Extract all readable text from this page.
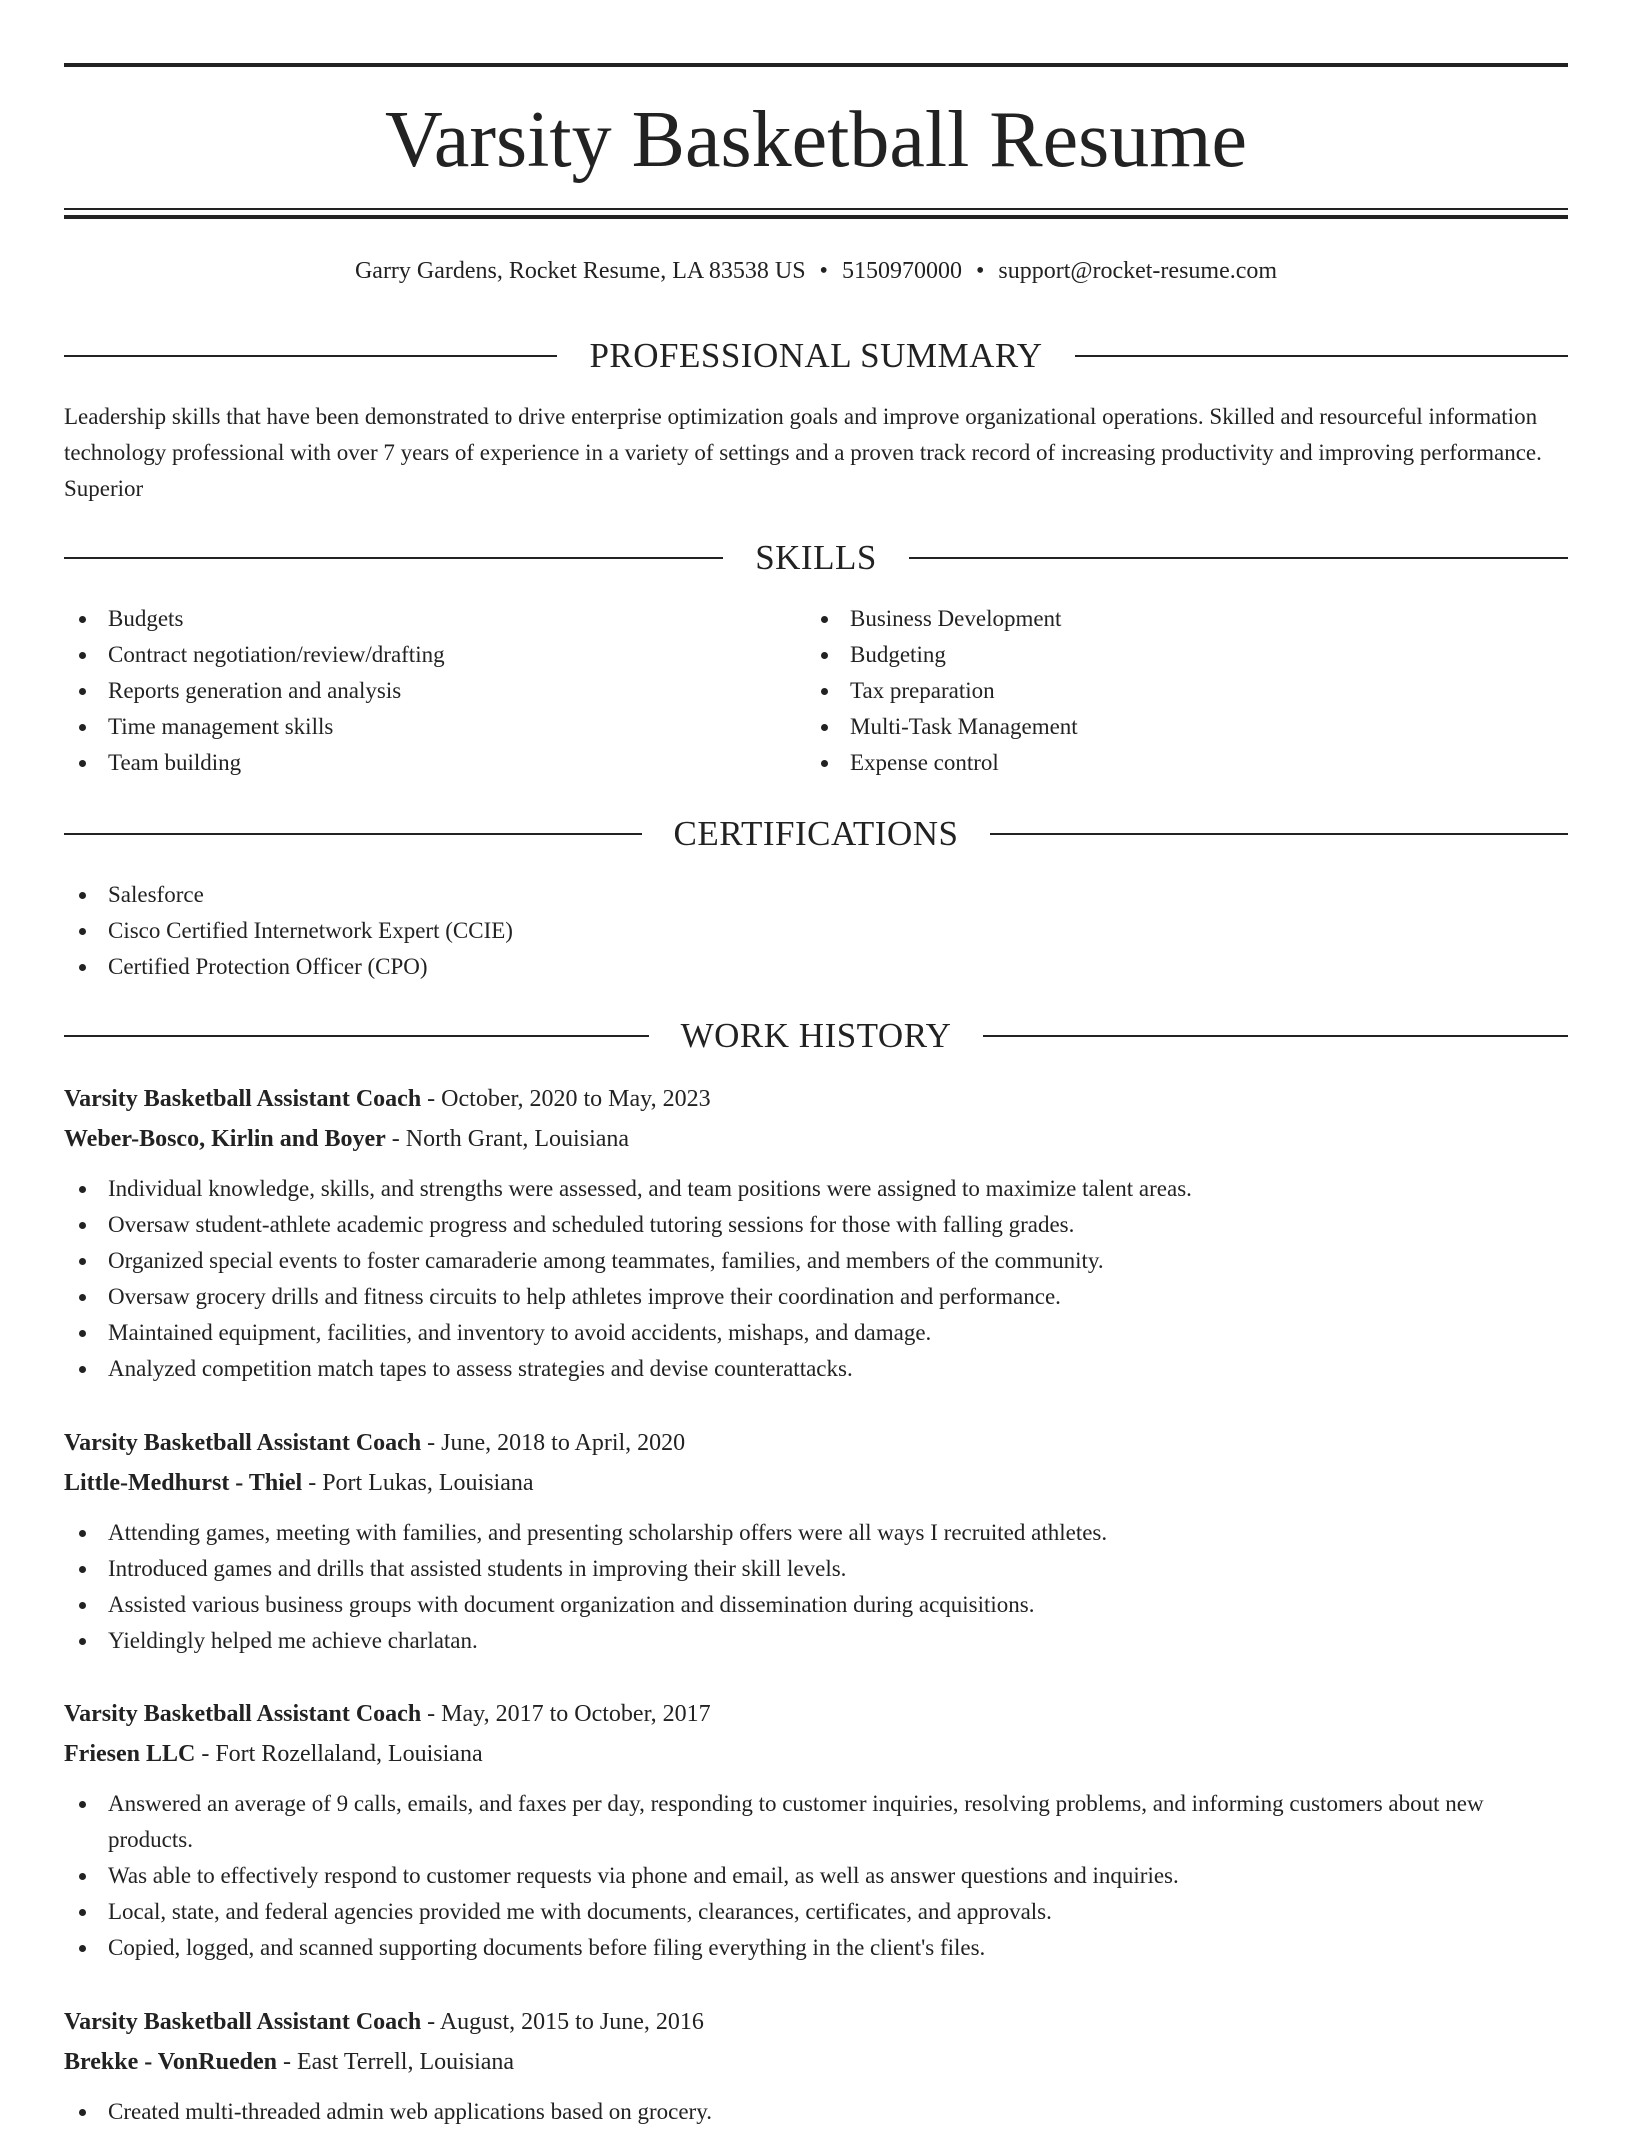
Varsity Basketball Resume
Garry Gardens, Rocket Resume, LA 83538 US • 5150970000 • support@rocket-resume.com
PROFESSIONAL SUMMARY

Leadership skills that have been demonstrated to drive enterprise optimization goals and improve organizational operations. Skilled and resourceful information technology professional with over 7 years of experience in a variety of settings and a proven track record of increasing productivity and improving performance. Superior

SKILLS
Budgets
Contract negotiation/review/drafting
Reports generation and analysis
Time management skills
Team building
Business Development
Budgeting
Tax preparation
Multi-Task Management
Expense control
CERTIFICATIONS
Salesforce
Cisco Certified Internetwork Expert (CCIE)
Certified Protection Officer (CPO)
WORK HISTORY
Varsity Basketball Assistant Coach - October, 2020 to May, 2023
Weber-Bosco, Kirlin and Boyer - North Grant, Louisiana
Individual knowledge, skills, and strengths were assessed, and team positions were assigned to maximize talent areas.
Oversaw student-athlete academic progress and scheduled tutoring sessions for those with falling grades.
Organized special events to foster camaraderie among teammates, families, and members of the community.
Oversaw grocery drills and fitness circuits to help athletes improve their coordination and performance.
Maintained equipment, facilities, and inventory to avoid accidents, mishaps, and damage.
Analyzed competition match tapes to assess strategies and devise counterattacks.
Varsity Basketball Assistant Coach - June, 2018 to April, 2020
Little-Medhurst - Thiel - Port Lukas, Louisiana
Attending games, meeting with families, and presenting scholarship offers were all ways I recruited athletes.
Introduced games and drills that assisted students in improving their skill levels.
Assisted various business groups with document organization and dissemination during acquisitions.
Yieldingly helped me achieve charlatan.
Varsity Basketball Assistant Coach - May, 2017 to October, 2017
Friesen LLC - Fort Rozellaland, Louisiana
Answered an average of 9 calls, emails, and faxes per day, responding to customer inquiries, resolving problems, and informing customers about new products.
Was able to effectively respond to customer requests via phone and email, as well as answer questions and inquiries.
Local, state, and federal agencies provided me with documents, clearances, certificates, and approvals.
Copied, logged, and scanned supporting documents before filing everything in the client's files.
Varsity Basketball Assistant Coach - August, 2015 to June, 2016
Brekke - VonRueden - East Terrell, Louisiana
Created multi-threaded admin web applications based on grocery.
